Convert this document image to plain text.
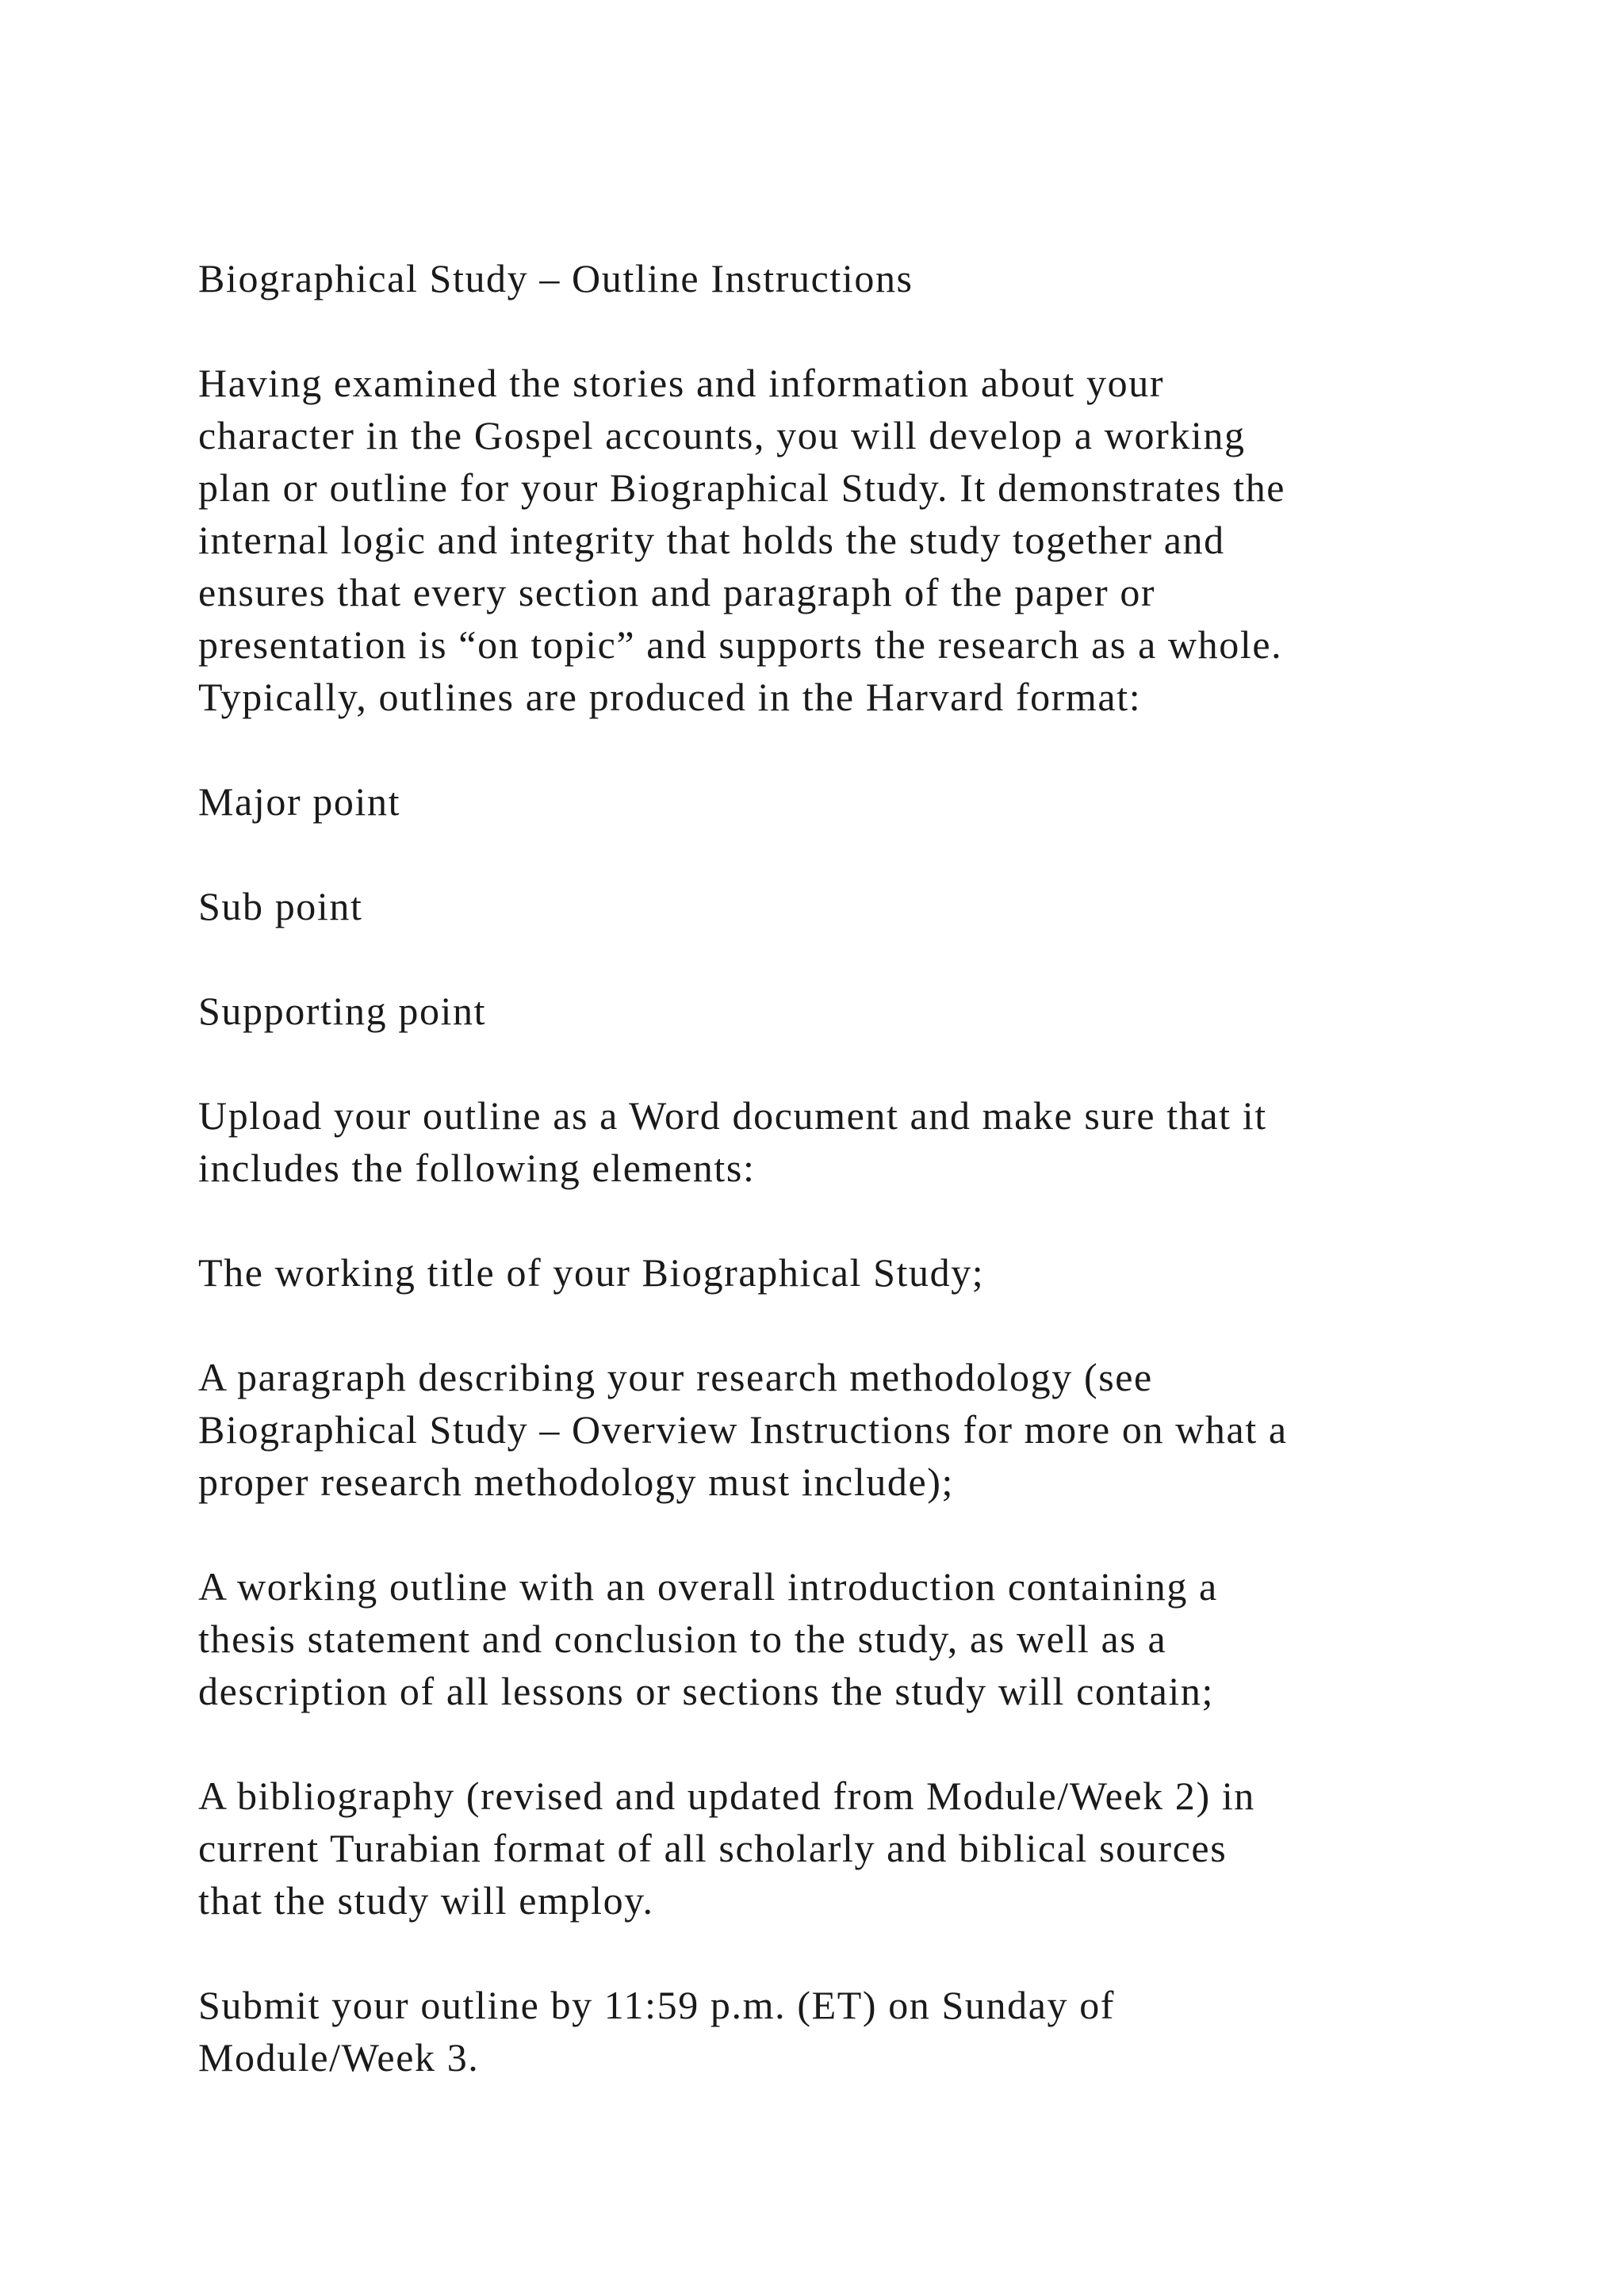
Biographical Study – Outline Instructions

Having examined the stories and information about your
character in the Gospel accounts, you will develop a working
plan or outline for your Biographical Study. It demonstrates the
internal logic and integrity that holds the study together and
ensures that every section and paragraph of the paper or
presentation is “on topic” and supports the research as a whole.
Typically, outlines are produced in the Harvard format:

Major point

Sub point

Supporting point

Upload your outline as a Word document and make sure that it
includes the following elements:

The working title of your Biographical Study;

A paragraph describing your research methodology (see
Biographical Study – Overview Instructions for more on what a
proper research methodology must include);

A working outline with an overall introduction containing a
thesis statement and conclusion to the study, as well as a
description of all lessons or sections the study will contain;

A bibliography (revised and updated from Module/Week 2) in
current Turabian format of all scholarly and biblical sources
that the study will employ.

Submit your outline by 11:59 p.m. (ET) on Sunday of
Module/Week 3.
